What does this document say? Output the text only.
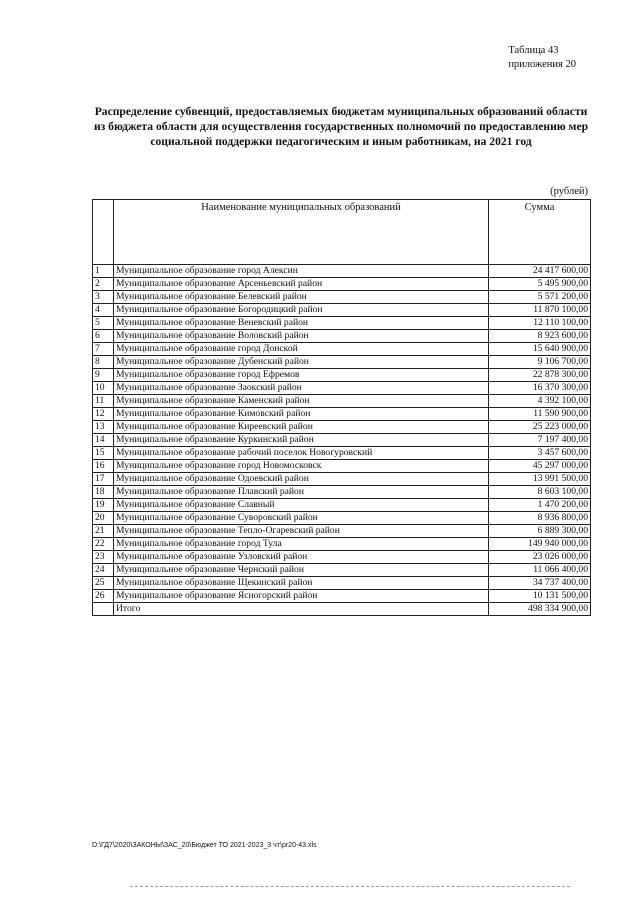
Таблица 43
приложения 20
Распределение субвенций, предоставляемых бюджетам муниципальных образований области из бюджета области для осуществления государственных полномочий по предоставлению мер социальной поддержки педагогическим и иным работникам, на 2021 год
(рублей)
	Наименование муниципальных образований	Сумма
1	Муниципальное образование город Алексин	24 417 600,00
2	Муниципальное образование Арсеньевский район	5 495 900,00
3	Муниципальное образование Белевский район	5 571 200,00
4	Муниципальное образование Богородицкий район	11 870 100,00
5	Муниципальное образование Веневский район	12 110 100,00
6	Муниципальное образование Воловский район	8 923 600,00
7	Муниципальное образование город Донской	15 640 900,00
8	Муниципальное образование Дубенский район	9 106 700,00
9	Муниципальное образование город Ефремов	22 878 300,00
10	Муниципальное образование Заокский район	16 370 300,00
11	Муниципальное образование Каменский район	4 392 100,00
12	Муниципальное образование Кимовский район	11 590 900,00
13	Муниципальное образование Киреевский район	25 223 000,00
14	Муниципальное образование Куркинский район	7 197 400,00
15	Муниципальное образование рабочий поселок Новогуровский	3 457 600,00
16	Муниципальное образование город Новомосковск	45 297 000,00
17	Муниципальное образование Одоевский район	13 991 500,00
18	Муниципальное образование Плавский район	8 603 100,00
19	Муниципальное образование Славный	1 470 200,00
20	Муниципальное образование Суворовский район	8 936 800,00
21	Муниципальное образование Тепло-Огаревский район	6 889 300,00
22	Муниципальное образование город Тула	149 940 000,00
23	Муниципальное образование Узловский район	23 026 000,00
24	Муниципальное образование Чернский район	11 066 400,00
25	Муниципальное образование Щекинский район	34 737 400,00
26	Муниципальное образование Ясногорский район	10 131 500,00
	Итого	498 334 900,00
D:\ГД7\2020\ЗАКОНЫ\ЗАС_20\Бюджет ТО 2021-2023_3 чт\pr20-43.xls
